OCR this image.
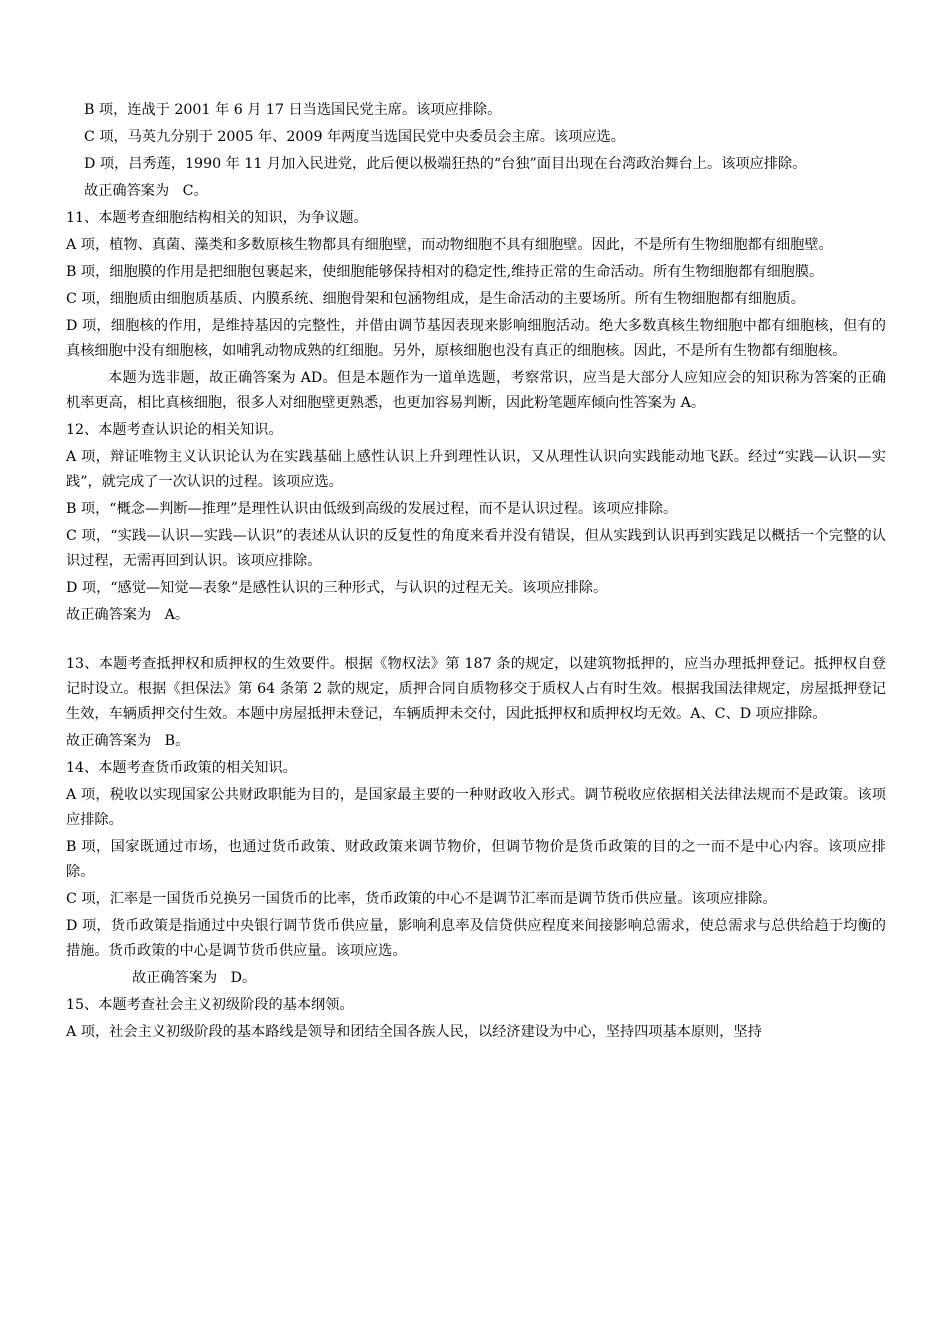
B 项，连战于 2001 年 6 月 17 日当选国民党主席。该项应排除。

C 项，马英九分别于 2005 年、2009 年两度当选国民党中央委员会主席。该项应选。

D 项，吕秀莲，1990 年 11 月加入民进党，此后便以极端狂热的“台独”面目出现在台湾政治舞台上。该项应排除。

故正确答案为   C。

11、本题考查细胞结构相关的知识，为争议题。

A 项，植物、真菌、藻类和多数原核生物都具有细胞壁，而动物细胞不具有细胞壁。因此，不是所有生物细胞都有细胞壁。

B 项，细胞膜的作用是把细胞包裹起来，使细胞能够保持相对的稳定性,维持正常的生命活动。所有生物细胞都有细胞膜。

C 项，细胞质由细胞质基质、内膜系统、细胞骨架和包涵物组成，是生命活动的主要场所。所有生物细胞都有细胞质。

D 项，细胞核的作用，是维持基因的完整性，并借由调节基因表现来影响细胞活动。绝大多数真核生物细胞中都有细胞核，但有的真核细胞中没有细胞核，如哺乳动物成熟的红细胞。另外，原核细胞也没有真正的细胞核。因此，不是所有生物都有细胞核。

本题为选非题，故正确答案为 AD。但是本题作为一道单选题，考察常识，应当是大部分人应知应会的知识称为答案的正确机率更高，相比真核细胞，很多人对细胞壁更熟悉，也更加容易判断，因此粉笔题库倾向性答案为 A。

12、本题考查认识论的相关知识。

A 项，辩证唯物主义认识论认为在实践基础上感性认识上升到理性认识，又从理性认识向实践能动地飞跃。经过“实践—认识—实践”，就完成了一次认识的过程。该项应选。

B 项，“概念—判断—推理”是理性认识由低级到高级的发展过程，而不是认识过程。该项应排除。

C 项，“实践—认识—实践—认识”的表述从认识的反复性的角度来看并没有错误，但从实践到认识再到实践足以概括一个完整的认识过程，无需再回到认识。该项应排除。

D 项，“感觉—知觉—表象”是感性认识的三种形式，与认识的过程无关。该项应排除。

故正确答案为   A。

13、本题考查抵押权和质押权的生效要件。根据《物权法》第 187 条的规定，以建筑物抵押的，应当办理抵押登记。抵押权自登记时设立。根据《担保法》第 64 条第 2 款的规定，质押合同自质物移交于质权人占有时生效。根据我国法律规定，房屋抵押登记生效，车辆质押交付生效。本题中房屋抵押未登记，车辆质押未交付，因此抵押权和质押权均无效。A、C、D 项应排除。

故正确答案为   B。

14、本题考查货币政策的相关知识。

A 项，税收以实现国家公共财政职能为目的，是国家最主要的一种财政收入形式。调节税收应依据相关法律法规而不是政策。该项应排除。

B 项，国家既通过市场，也通过货币政策、财政政策来调节物价，但调节物价是货币政策的目的之一而不是中心内容。该项应排除。

C 项，汇率是一国货币兑换另一国货币的比率，货币政策的中心不是调节汇率而是调节货币供应量。该项应排除。

D 项，货币政策是指通过中央银行调节货币供应量，影响利息率及信贷供应程度来间接影响总需求，使总需求与总供给趋于均衡的措施。货币政策的中心是调节货币供应量。该项应选。

故正确答案为   D。

15、本题考查社会主义初级阶段的基本纲领。

A 项，社会主义初级阶段的基本路线是领导和团结全国各族人民，以经济建设为中心，坚持四项基本原则，坚持
